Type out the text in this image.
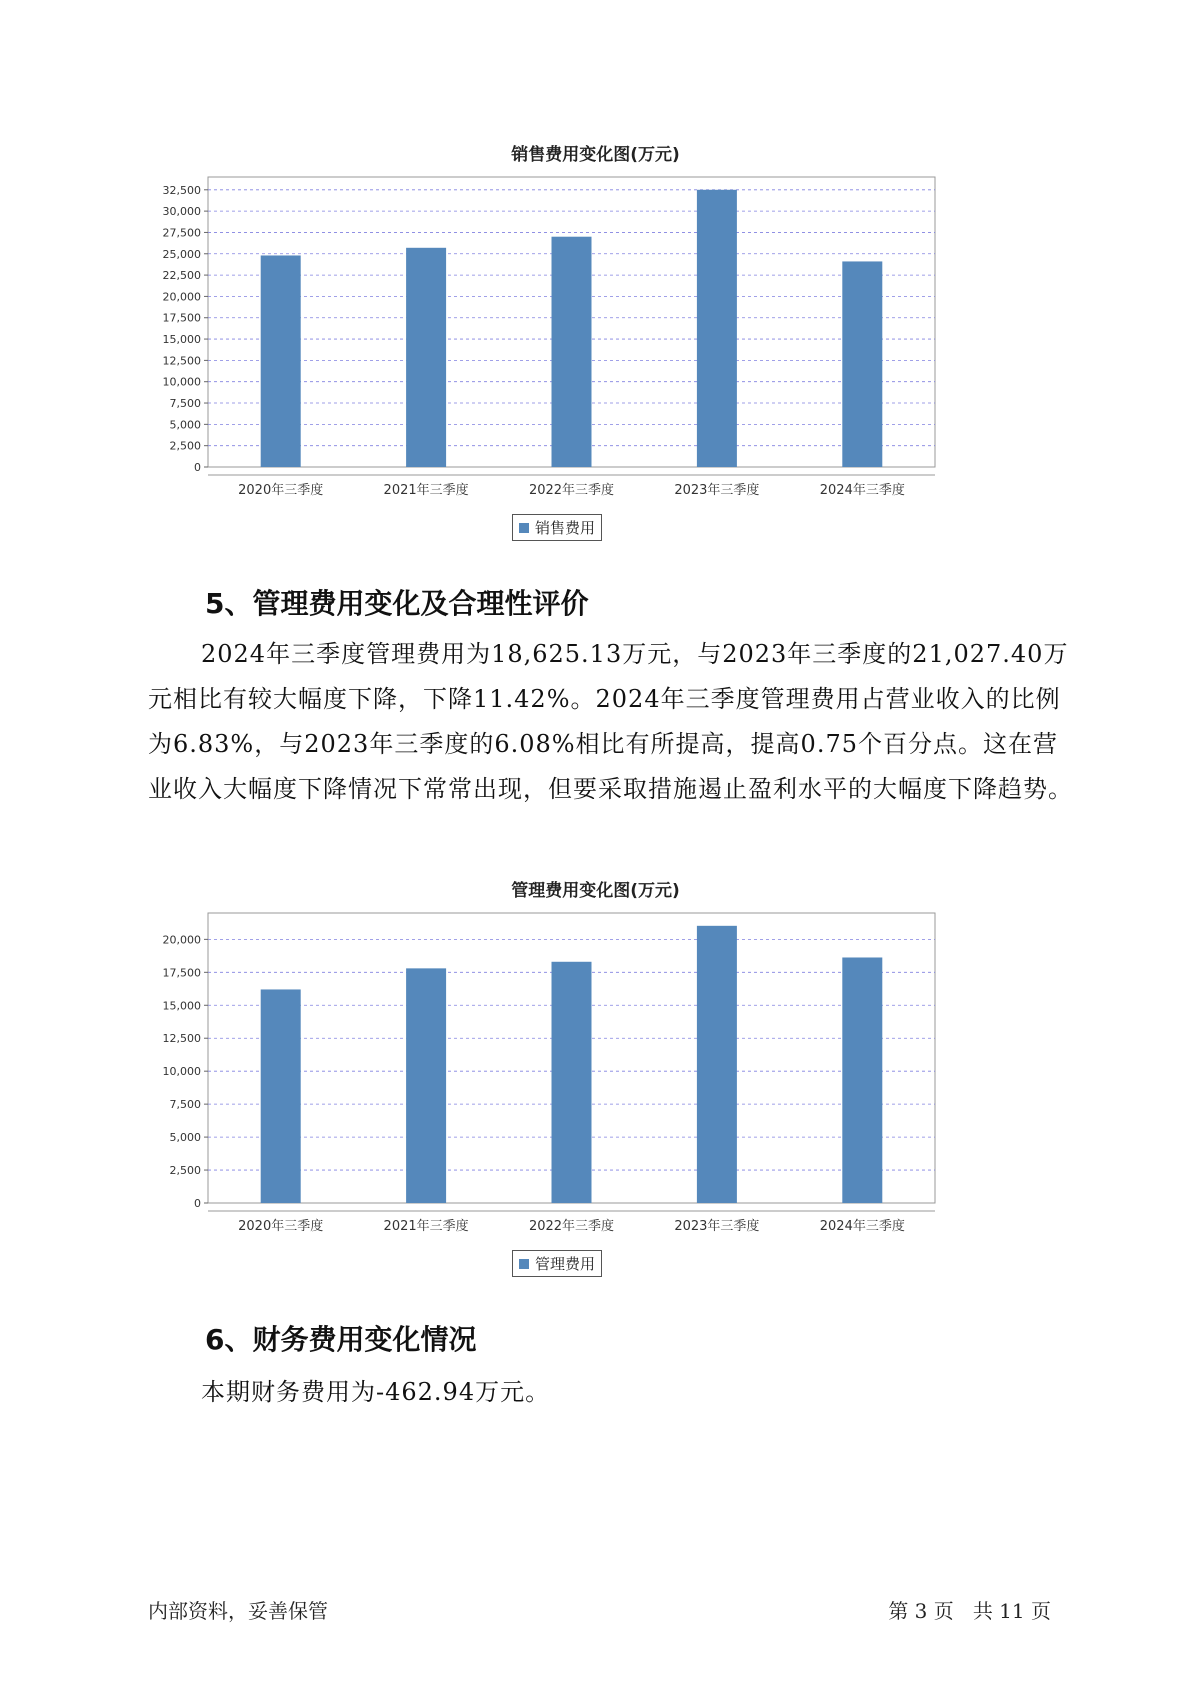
销售费用变化图(万元)
0
2,500
5,000
7,500
10,000
12,500
15,000
17,500
20,000
22,500
25,000
27,500
30,000
32,500
2020年三季度	2021年三季度	2022年三季度	2023年三季度	2024年三季度
销售费用
5、管理费用变化及合理性评价

2024年三季度管理费用为18,625.13万元，与2023年三季度的21,027.40万元相比有较大幅度下降，下降11.42%。2024年三季度管理费用占营业收入的比例为6.83%，与2023年三季度的6.08%相比有所提高，提高0.75个百分点。这在营业收入大幅度下降情况下常常出现，但要采取措施遏止盈利水平的大幅度下降趋势。

管理费用变化图(万元)
0
2,500
5,000
7,500
10,000
12,500
15,000
17,500
20,000
2020年三季度	2021年三季度	2022年三季度	2023年三季度	2024年三季度
管理费用
6、财务费用变化情况

本期财务费用为-462.94万元。

内部资料，妥善保管	第 3 页   共 11 页
